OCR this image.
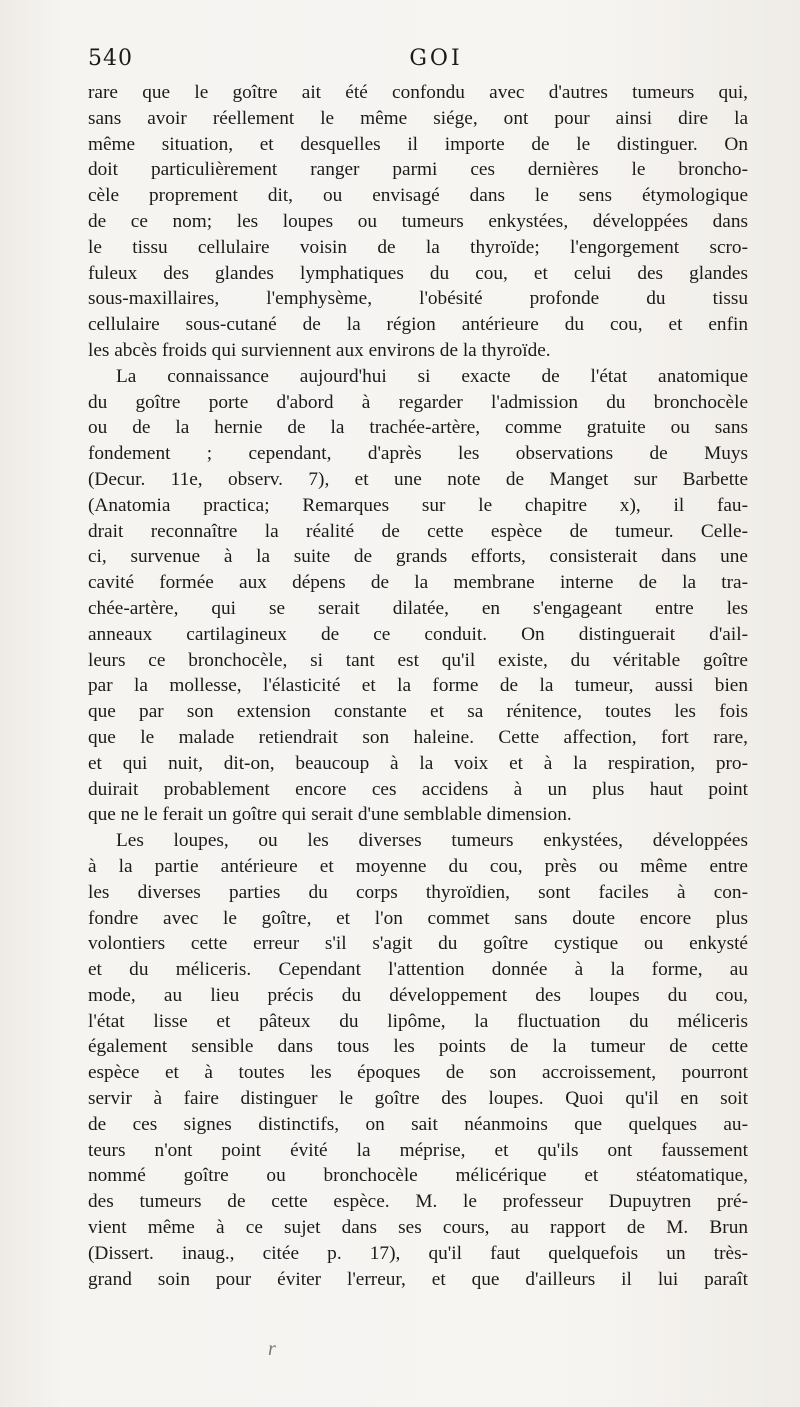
540	GOI
rare que le goître ait été confondu avec d'autres tumeurs qui,
sans avoir réellement le même siége, ont pour ainsi dire la
même situation, et desquelles il importe de le distinguer. On
doit particulièrement ranger parmi ces dernières le broncho-
cèle proprement dit, ou envisagé dans le sens étymologique
de ce nom; les loupes ou tumeurs enkystées, développées dans
le tissu cellulaire voisin de la thyroïde; l'engorgement scro-
fuleux des glandes lymphatiques du cou, et celui des glandes
sous-maxillaires, l'emphysème, l'obésité profonde du tissu
cellulaire sous-cutané de la région antérieure du cou, et enfin
les abcès froids qui surviennent aux environs de la thyroïde.
La connaissance aujourd'hui si exacte de l'état anatomique
du goître porte d'abord à regarder l'admission du bronchocèle
ou de la hernie de la trachée-artère, comme gratuite ou sans
fondement ; cependant, d'après les observations de Muys
(Decur. 11e, observ. 7), et une note de Manget sur Barbette
(Anatomia practica; Remarques sur le chapitre x), il fau-
drait reconnaître la réalité de cette espèce de tumeur. Celle-
ci, survenue à la suite de grands efforts, consisterait dans une
cavité formée aux dépens de la membrane interne de la tra-
chée-artère, qui se serait dilatée, en s'engageant entre les
anneaux cartilagineux de ce conduit. On distinguerait d'ail-
leurs ce bronchocèle, si tant est qu'il existe, du véritable goître
par la mollesse, l'élasticité et la forme de la tumeur, aussi bien
que par son extension constante et sa rénitence, toutes les fois
que le malade retiendrait son haleine. Cette affection, fort rare,
et qui nuit, dit-on, beaucoup à la voix et à la respiration, pro-
duirait probablement encore ces accidens à un plus haut point
que ne le ferait un goître qui serait d'une semblable dimension.
Les loupes, ou les diverses tumeurs enkystées, développées
à la partie antérieure et moyenne du cou, près ou même entre
les diverses parties du corps thyroïdien, sont faciles à con-
fondre avec le goître, et l'on commet sans doute encore plus
volontiers cette erreur s'il s'agit du goître cystique ou enkysté
et du méliceris. Cependant l'attention donnée à la forme, au
mode, au lieu précis du développement des loupes du cou,
l'état lisse et pâteux du lipôme, la fluctuation du méliceris
également sensible dans tous les points de la tumeur de cette
espèce et à toutes les époques de son accroissement, pourront
servir à faire distinguer le goître des loupes. Quoi qu'il en soit
de ces signes distinctifs, on sait néanmoins que quelques au-
teurs n'ont point évité la méprise, et qu'ils ont faussement
nommé goître ou bronchocèle mélicérique et stéatomatique,
des tumeurs de cette espèce. M. le professeur Dupuytren pré-
vient même à ce sujet dans ses cours, au rapport de M. Brun
(Dissert. inaug., citée p. 17), qu'il faut quelquefois un très-
grand soin pour éviter l'erreur, et que d'ailleurs il lui paraît
r
